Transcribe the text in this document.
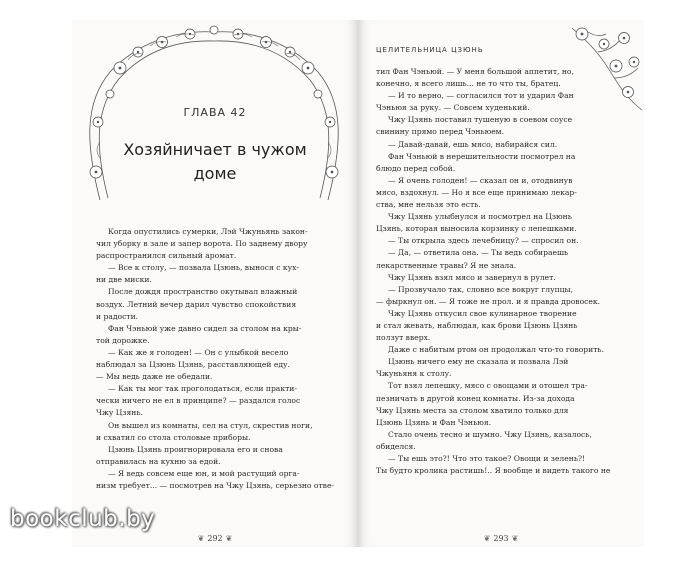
ГЛАВА 42
Хозяйничает в чужом доме

Когда опустились сумерки, Лэй Чжуньянь закон-

чил уборку в зале и запер ворота. По заднему двору

распространился сильный аромат.

— Все к столу, — позвала Цзюнь, вынося с кух-

ни две миски.

После дождя пространство окутывал влажный

воздух. Летний вечер дарил чувство спокойствия

и радости.

Фан Чэньюй уже давно сидел за столом на кры-

той дорожке.

— Как же я голоден! — Он с улыбкой весело

наблюдал за Цзюнь Цзянь, расставляющей еду.

— Мы ведь даже не обедали.

— Как ты мог так проголодаться, если практи-

чески ничего не ел в принципе? — раздался голос

Чжу Цзянь.

Он вышел из комнаты, сел на стул, скрестив ноги,

и схватил со стола столовые приборы.

Цзюнь Цзянь проигнорировала его и снова

отправилась на кухню за едой.

— Я ведь совсем еще юн, и мой растущий орга-

низм требует... — посмотрев на Чжу Цзянь, серьезно отве-

❦ 292 ❦
ЦЕЛИТЕЛЬНИЦА ЦЗЮНЬ

тил Фан Чэньюй. — У меня большой аппетит, но,

конечно, я всего лишь... не то что ты, братец.

— И то верно, — согласился тот и ударил Фан

Чэньюя за руку. — Совсем худенький.

Чжу Цзянь поставил тушеную в соевом соусе

свинину прямо перед Чэньюем.

— Давай-давай, ешь мясо, набирайся сил.

Фан Чэньюй в нерешительности посмотрел на

блюдо перед собой.

— Я очень голоден! — сказал он и, отодвинув

мясо, вздохнул. — Но я все еще принимаю лекар-

ства, мне нельзя это есть.

Чжу Цзянь улыбнулся и посмотрел на Цзюнь

Цзянь, которая выносила корзинку с лепешками.

— Ты открыла здесь лечебницу? — спросил он.

— Да, — ответила она. — Ты ведь собираешь

лекарственные травы? Я не знала.

Чжу Цзянь взял мясо и завернул в рулет.

— Прозвучало так, словно все вокруг глупцы,

— фыркнул он. — Я тоже не прол. и я правда дровосек.

Чжу Цзянь откусил свое кулинарное творение

и стал жевать, наблюдая, как брови Цзюнь Цзянь

ползут вверх.

Даже с набитым ртом он продолжал что-то говорить.

Цзюнь ничего ему не сказала и позвала Лэй

Чжуньяня к столу.

Тот взял лепешку, мясо с овощами и отошел тра-

пезничать в другой конец комнаты. Из-за дохода

Чжу Цзянь места за столом хватило только для

Цзюнь Цзянь и Фан Чэньюя.

Стало очень тесно и шумно. Чжу Цзянь, казалось,

обиделся.

— Ты ешь это?! Что это такое? Овощи и зелень?!

Ты будто кролика растишь!.. Я вообще и видеть такого не

❦ 293 ❦
bookclub.by
